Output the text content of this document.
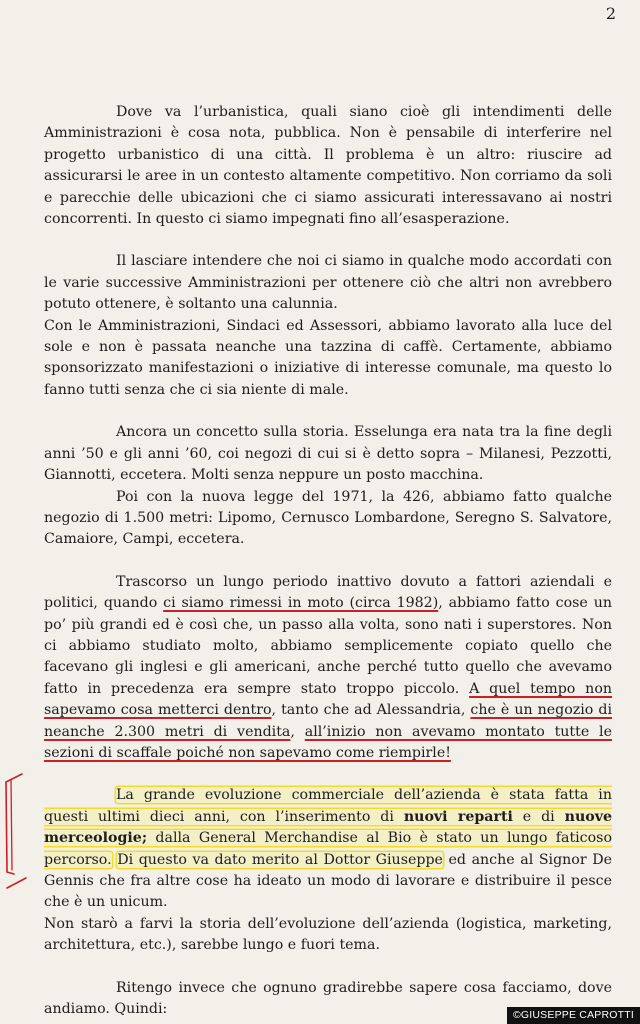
2

Dove va l’urbanistica, quali siano cioè gli intendimenti delle Amministrazioni è cosa nota, pubblica. Non è pensabile di interferire nel progetto urbanistico di una città. Il problema è un altro: riuscire ad assicurarsi le aree in un contesto altamente competitivo. Non corriamo da soli e parecchie delle ubicazioni che ci siamo assicurati interessavano ai nostri concorrenti. In questo ci siamo impegnati fino all’esasperazione.

Il lasciare intendere che noi ci siamo in qualche modo accordati con le varie successive Amministrazioni per ottenere ciò che altri non avrebbero potuto ottenere, è soltanto una calunnia.

Con le Amministrazioni, Sindaci ed Assessori, abbiamo lavorato alla luce del sole e non è passata neanche una tazzina di caffè. Certamente, abbiamo sponsorizzato manifestazioni o iniziative di interesse comunale, ma questo lo fanno tutti senza che ci sia niente di male.

Ancora un concetto sulla storia. Esselunga era nata tra la fine degli anni ’50 e gli anni ’60, coi negozi di cui si è detto sopra – Milanesi, Pezzotti, Giannotti, eccetera. Molti senza neppure un posto macchina.

Poi con la nuova legge del 1971, la 426, abbiamo fatto qualche negozio di 1.500 metri: Lipomo, Cernusco Lombardone, Seregno S. Salvatore, Camaiore, Campi, eccetera.

Trascorso un lungo periodo inattivo dovuto a fattori aziendali e politici, quando ci siamo rimessi in moto (circa 1982), abbiamo fatto cose un po’ più grandi ed è così che, un passo alla volta, sono nati i superstores. Non ci abbiamo studiato molto, abbiamo semplicemente copiato quello che facevano gli inglesi e gli americani, anche perché tutto quello che avevamo fatto in precedenza era sempre stato troppo piccolo. A quel tempo non sapevamo cosa metterci dentro, tanto che ad Alessandria, che è un negozio di neanche 2.300 metri di vendita, all’inizio non avevamo montato tutte le sezioni di scaffale poiché non sapevamo come riempirle!

La grande evoluzione commerciale dell’azienda è stata fatta in questi ultimi dieci anni, con l’inserimento di nuovi reparti e di nuove merceologie; dalla General Merchandise al Bio è stato un lungo faticoso percorso. Di questo va dato merito al Dottor Giuseppe ed anche al Signor De Gennis che fra altre cose ha ideato un modo di lavorare e distribuire il pesce che è un unicum.

Non starò a farvi la storia dell’evoluzione dell’azienda (logistica, marketing, architettura, etc.), sarebbe lungo e fuori tema.

Ritengo invece che ognuno gradirebbe sapere cosa facciamo, dove andiamo. Quindi:	©GIUSEPPE CAPROTTI
